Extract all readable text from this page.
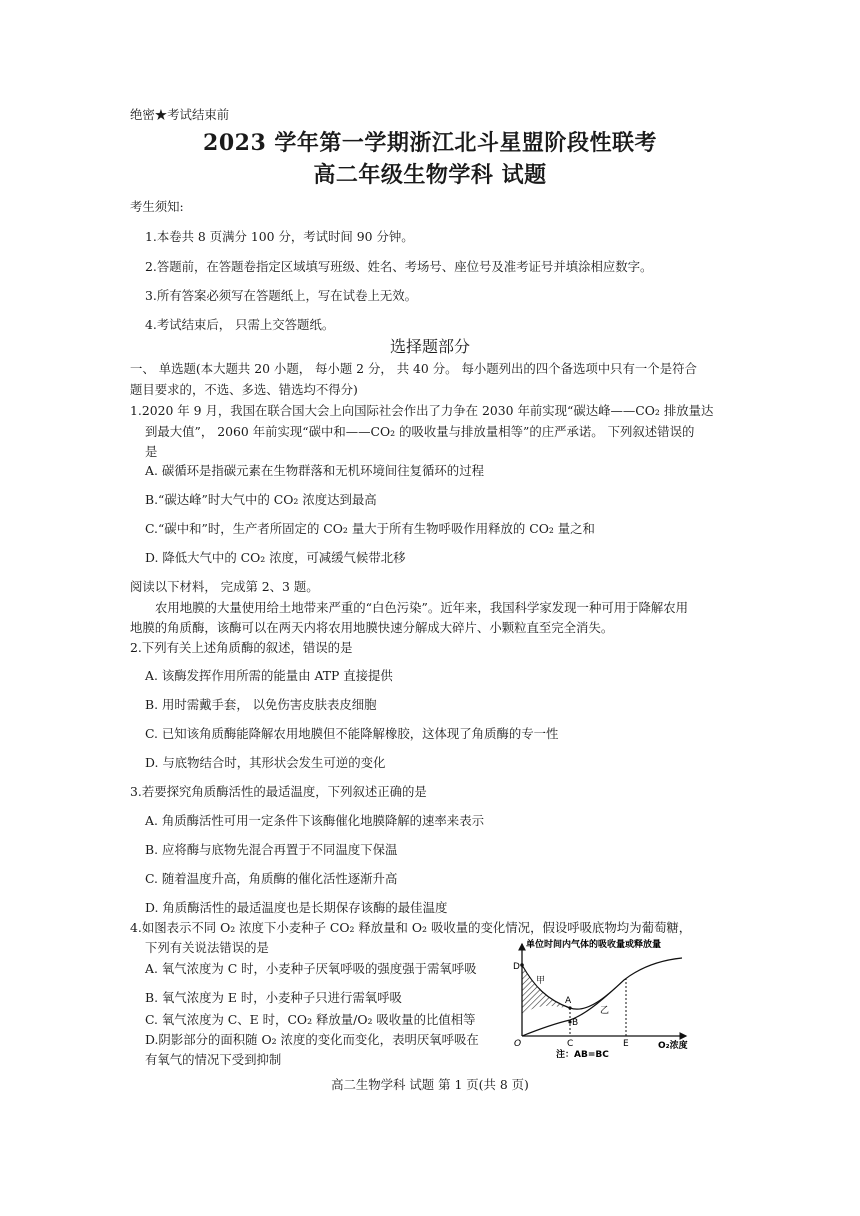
绝密★考试结束前
2023 学年第一学期浙江北斗星盟阶段性联考
高二年级生物学科 试题
考生须知:
1.本卷共 8 页满分 100 分，考试时间 90 分钟。
2.答题前，在答题卷指定区域填写班级、姓名、考场号、座位号及准考证号并填涂相应数字。
3.所有答案必须写在答题纸上，写在试卷上无效。
4.考试结束后， 只需上交答题纸。
选择题部分
一、 单选题(本大题共 20 小题， 每小题 2 分， 共 40 分。 每小题列出的四个备选项中只有一个是符合
题目要求的，不选、多选、错选均不得分)
1.2020 年 9 月，我国在联合国大会上向国际社会作出了力争在 2030 年前实现“碳达峰——CO₂ 排放量达
到最大值”， 2060 年前实现“碳中和——CO₂ 的吸收量与排放量相等”的庄严承诺。 下列叙述错误的
是
A. 碳循环是指碳元素在生物群落和无机环境间往复循环的过程
B.“碳达峰”时大气中的 CO₂ 浓度达到最高
C.“碳中和”时，生产者所固定的 CO₂ 量大于所有生物呼吸作用释放的 CO₂ 量之和
D. 降低大气中的 CO₂ 浓度，可减缓气候带北移
阅读以下材料， 完成第 2、3 题。
农用地膜的大量使用给土地带来严重的“白色污染”。近年来，我国科学家发现一种可用于降解农用
地膜的角质酶，该酶可以在两天内将农用地膜快速分解成大碎片、小颗粒直至完全消失。
2.下列有关上述角质酶的叙述，错误的是
A. 该酶发挥作用所需的能量由 ATP 直接提供
B. 用时需戴手套， 以免伤害皮肤表皮细胞
C. 已知该角质酶能降解农用地膜但不能降解橡胶，这体现了角质酶的专一性
D. 与底物结合时，其形状会发生可逆的变化
3.若要探究角质酶活性的最适温度，下列叙述正确的是
A. 角质酶活性可用一定条件下该酶催化地膜降解的速率来表示
B. 应将酶与底物先混合再置于不同温度下保温
C. 随着温度升高，角质酶的催化活性逐渐升高
D. 角质酶活性的最适温度也是长期保存该酶的最佳温度
4.如图表示不同 O₂ 浓度下小麦种子 CO₂ 释放量和 O₂ 吸收量的变化情况，假设呼吸底物均为葡萄糖，
下列有关说法错误的是
A. 氧气浓度为 C 时，小麦种子厌氧呼吸的强度强于需氧呼吸
B. 氧气浓度为 E 时，小麦种子只进行需氧呼吸
C. 氧气浓度为 C、E 时，CO₂ 释放量/O₂ 吸收量的比值相等
D.阴影部分的面积随 O₂ 浓度的变化而变化，表明厌氧呼吸在
有氧气的情况下受到抑制
单位时间内气体的吸收量或释放量
D
甲
A
B
乙
O	C	E	O₂浓度
注：AB=BC
高二生物学科 试题 第 1 页(共 8 页)
